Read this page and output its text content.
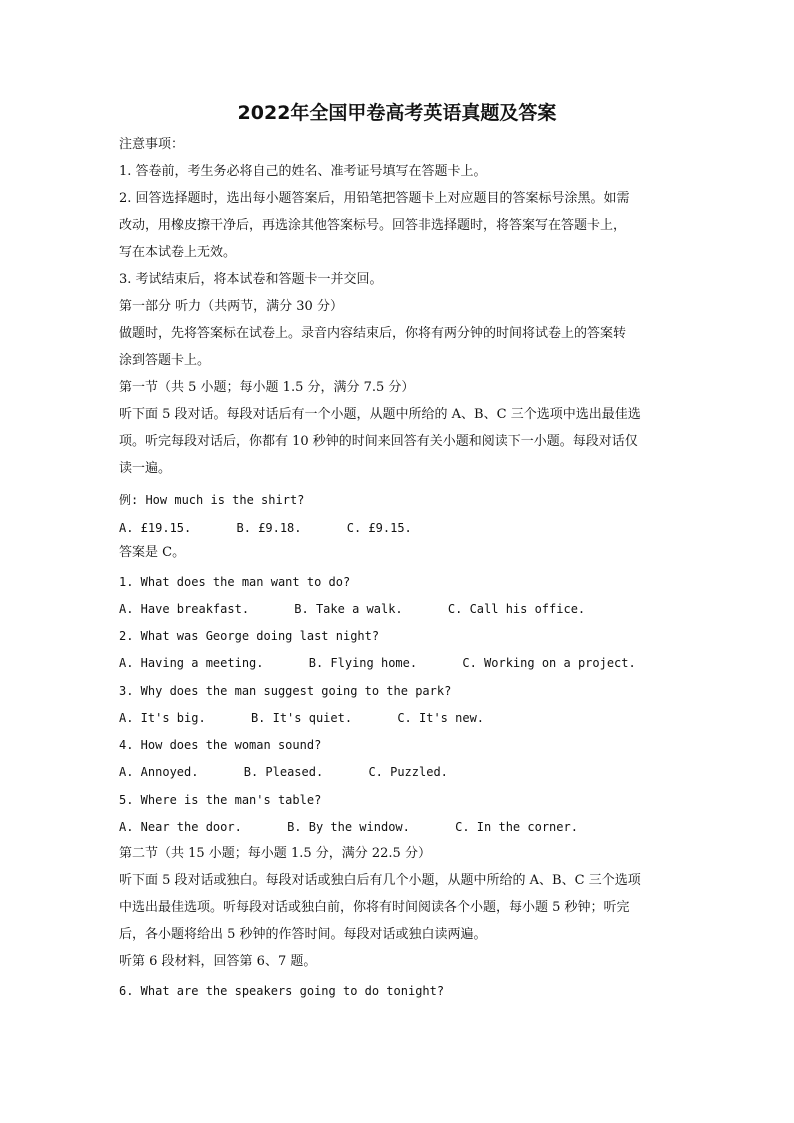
2022年全国甲卷高考英语真题及答案
注意事项：
1. 答卷前，考生务必将自己的姓名、准考证号填写在答题卡上。
2. 回答选择题时，选出每小题答案后，用铅笔把答题卡上对应题目的答案标号涂黑。如需
改动，用橡皮擦干净后，再选涂其他答案标号。回答非选择题时，将答案写在答题卡上，
写在本试卷上无效。
3. 考试结束后，将本试卷和答题卡一并交回。
第一部分 听力（共两节，满分 30 分）
做题时，先将答案标在试卷上。录音内容结束后，你将有两分钟的时间将试卷上的答案转
涂到答题卡上。
第一节（共 5 小题；每小题 1.5 分，满分 7.5 分）
听下面 5 段对话。每段对话后有一个小题，从题中所给的 A、B、C 三个选项中选出最佳选
项。听完每段对话后，你都有 10 秒钟的时间来回答有关小题和阅读下一小题。每段对话仅
读一遍。
例: How much is the shirt?
A. £19.15.	B. £9.18.	C. £9.15.
答案是 C。
1. What does the man want to do?
A. Have breakfast.	B. Take a walk.	C. Call his office.
2. What was George doing last night?
A. Having a meeting.	B. Flying home.	C. Working on a project.
3. Why does the man suggest going to the park?
A. It's big.	B. It's quiet.	C. It's new.
4. How does the woman sound?
A. Annoyed.	B. Pleased.	C. Puzzled.
5. Where is the man's table?
A. Near the door.	B. By the window.	C. In the corner.
第二节（共 15 小题；每小题 1.5 分，满分 22.5 分）
听下面 5 段对话或独白。每段对话或独白后有几个小题，从题中所给的 A、B、C 三个选项
中选出最佳选项。听每段对话或独白前，你将有时间阅读各个小题，每小题 5 秒钟；听完
后，各小题将给出 5 秒钟的作答时间。每段对话或独白读两遍。
听第 6 段材料，回答第 6、7 题。
6. What are the speakers going to do tonight?
